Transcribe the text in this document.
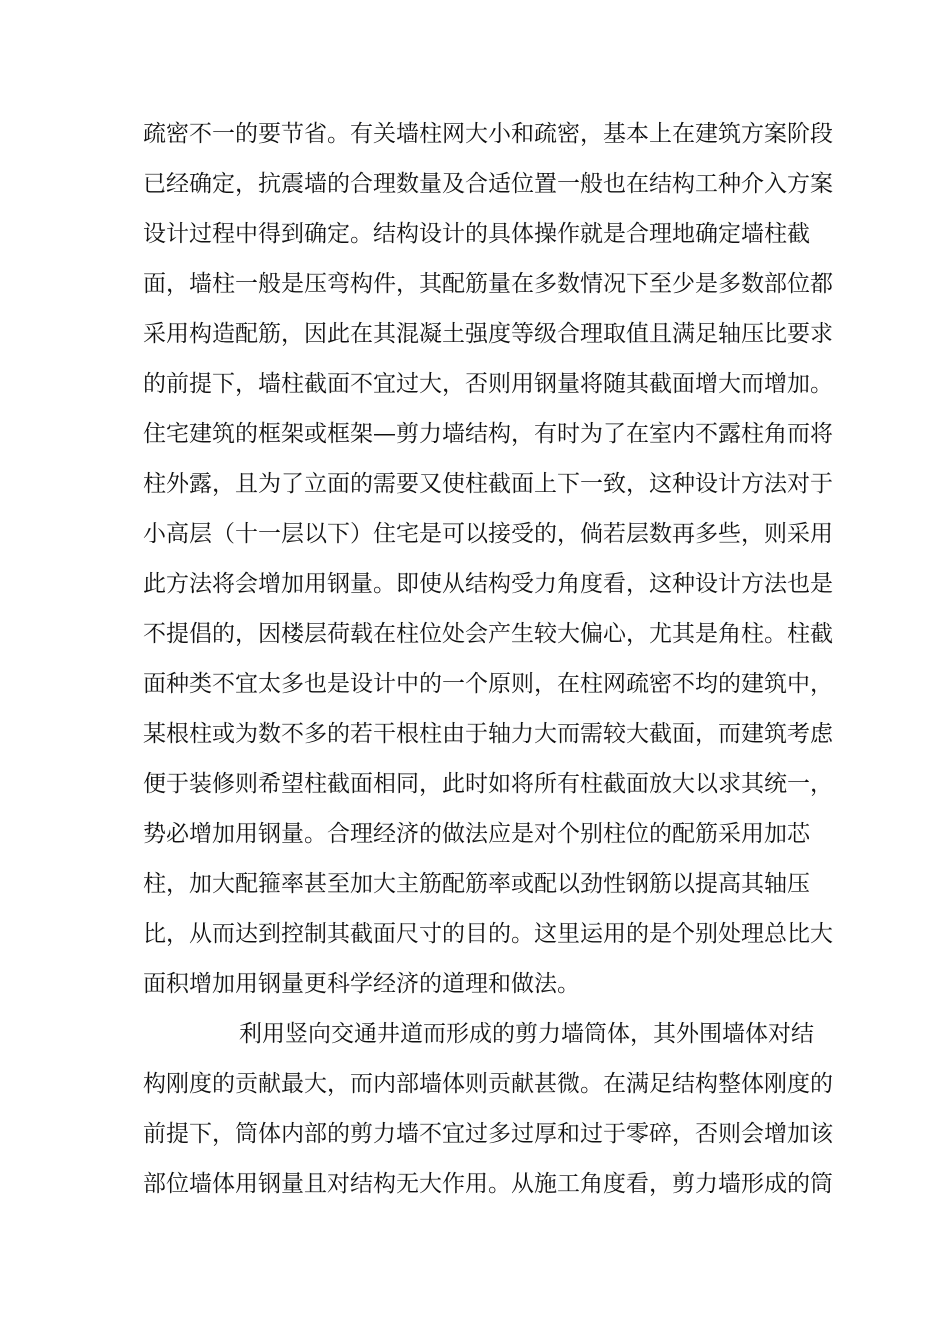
疏密不一的要节省。有关墙柱网大小和疏密，基本上在建筑方案阶段
已经确定，抗震墙的合理数量及合适位置一般也在结构工种介入方案
设计过程中得到确定。结构设计的具体操作就是合理地确定墙柱截
面，墙柱一般是压弯构件，其配筋量在多数情况下至少是多数部位都
采用构造配筋，因此在其混凝土强度等级合理取值且满足轴压比要求
的前提下，墙柱截面不宜过大，否则用钢量将随其截面增大而增加。
住宅建筑的框架或框架—剪力墙结构，有时为了在室内不露柱角而将
柱外露，且为了立面的需要又使柱截面上下一致，这种设计方法对于
小高层（十一层以下）住宅是可以接受的，倘若层数再多些，则采用
此方法将会增加用钢量。即使从结构受力角度看，这种设计方法也是
不提倡的，因楼层荷载在柱位处会产生较大偏心，尤其是角柱。柱截
面种类不宜太多也是设计中的一个原则，在柱网疏密不均的建筑中，
某根柱或为数不多的若干根柱由于轴力大而需较大截面，而建筑考虑
便于装修则希望柱截面相同，此时如将所有柱截面放大以求其统一，
势必增加用钢量。合理经济的做法应是对个别柱位的配筋采用加芯
柱，加大配箍率甚至加大主筋配筋率或配以劲性钢筋以提高其轴压
比，从而达到控制其截面尺寸的目的。这里运用的是个别处理总比大
面积增加用钢量更科学经济的道理和做法。
利用竖向交通井道而形成的剪力墙筒体，其外围墙体对结
构刚度的贡献最大，而内部墙体则贡献甚微。在满足结构整体刚度的
前提下，筒体内部的剪力墙不宜过多过厚和过于零碎，否则会增加该
部位墙体用钢量且对结构无大作用。从施工角度看，剪力墙形成的筒
